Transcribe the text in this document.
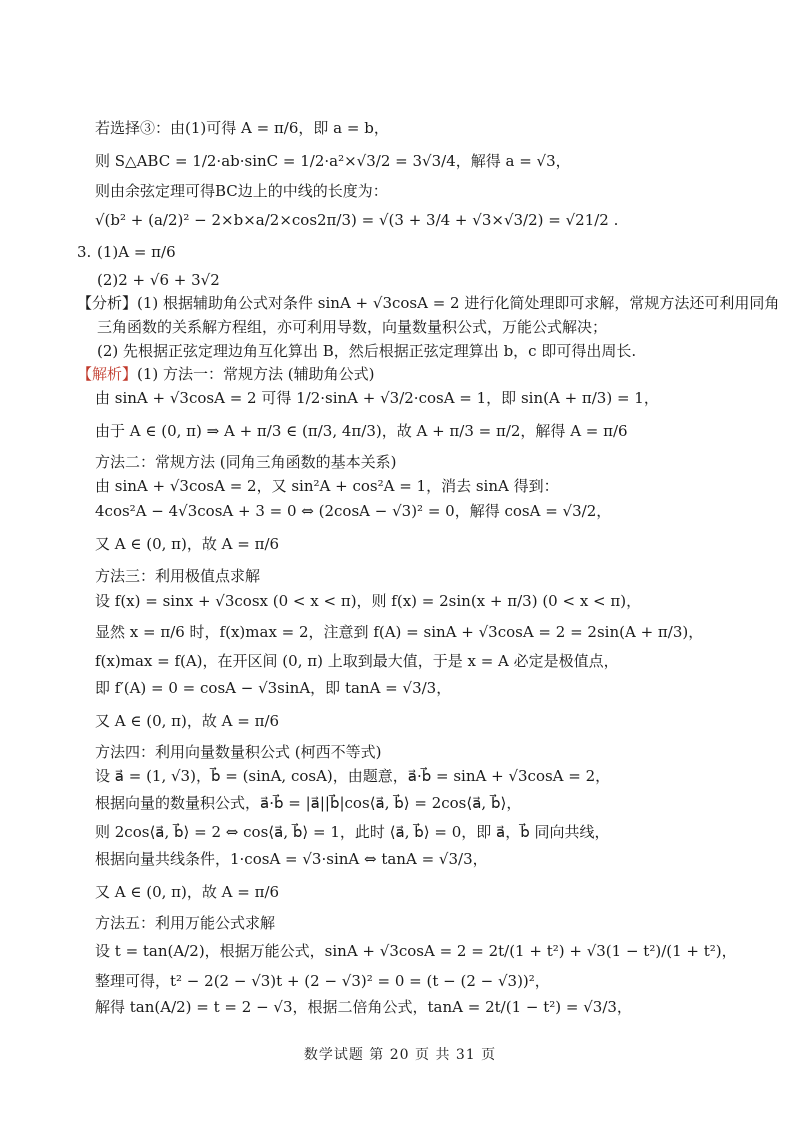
若选择③：由(1)可得 A = π/6，即 a = b，
则 S△ABC = 1/2·ab·sinC = 1/2·a²×√3/2 = 3√3/4，解得 a = √3，
则由余弦定理可得BC边上的中线的长度为：
√(b² + (a/2)² − 2×b×a/2×cos2π/3) = √(3 + 3/4 + √3×√3/2) = √21/2 .
3. (1)A = π/6
(2)2 + √6 + 3√2
【分析】(1) 根据辅助角公式对条件 sinA + √3cosA = 2 进行化简处理即可求解，常规方法还可利用同角
三角函数的关系解方程组，亦可利用导数，向量数量积公式，万能公式解决；
(2) 先根据正弦定理边角互化算出 B，然后根据正弦定理算出 b，c 即可得出周长.
【解析】(1) 方法一：常规方法 (辅助角公式)
由 sinA + √3cosA = 2 可得 1/2·sinA + √3/2·cosA = 1，即 sin(A + π/3) = 1，
由于 A ∈ (0, π) ⇒ A + π/3 ∈ (π/3, 4π/3)，故 A + π/3 = π/2，解得 A = π/6
方法二：常规方法 (同角三角函数的基本关系)
由 sinA + √3cosA = 2，又 sin²A + cos²A = 1，消去 sinA 得到：
4cos²A − 4√3cosA + 3 = 0 ⇔ (2cosA − √3)² = 0，解得 cosA = √3/2，
又 A ∈ (0, π)，故 A = π/6
方法三：利用极值点求解
设 f(x) = sinx + √3cosx (0 < x < π)，则 f(x) = 2sin(x + π/3) (0 < x < π)，
显然 x = π/6 时，f(x)max = 2，注意到 f(A) = sinA + √3cosA = 2 = 2sin(A + π/3)，
f(x)max = f(A)，在开区间 (0, π) 上取到最大值，于是 x = A 必定是极值点，
即 f′(A) = 0 = cosA − √3sinA，即 tanA = √3/3，
又 A ∈ (0, π)，故 A = π/6
方法四：利用向量数量积公式 (柯西不等式)
设 a⃗ = (1, √3)，b⃗ = (sinA, cosA)，由题意，a⃗·b⃗ = sinA + √3cosA = 2，
根据向量的数量积公式，a⃗·b⃗ = |a⃗||b⃗|cos⟨a⃗, b⃗⟩ = 2cos⟨a⃗, b⃗⟩，
则 2cos⟨a⃗, b⃗⟩ = 2 ⇔ cos⟨a⃗, b⃗⟩ = 1，此时 ⟨a⃗, b⃗⟩ = 0，即 a⃗，b⃗ 同向共线，
根据向量共线条件，1·cosA = √3·sinA ⇔ tanA = √3/3，
又 A ∈ (0, π)，故 A = π/6
方法五：利用万能公式求解
设 t = tan(A/2)，根据万能公式，sinA + √3cosA = 2 = 2t/(1 + t²) + √3(1 − t²)/(1 + t²)，
整理可得，t² − 2(2 − √3)t + (2 − √3)² = 0 = (t − (2 − √3))²，
解得 tan(A/2) = t = 2 − √3，根据二倍角公式，tanA = 2t/(1 − t²) = √3/3，
数学试题 第 20 页 共 31 页
